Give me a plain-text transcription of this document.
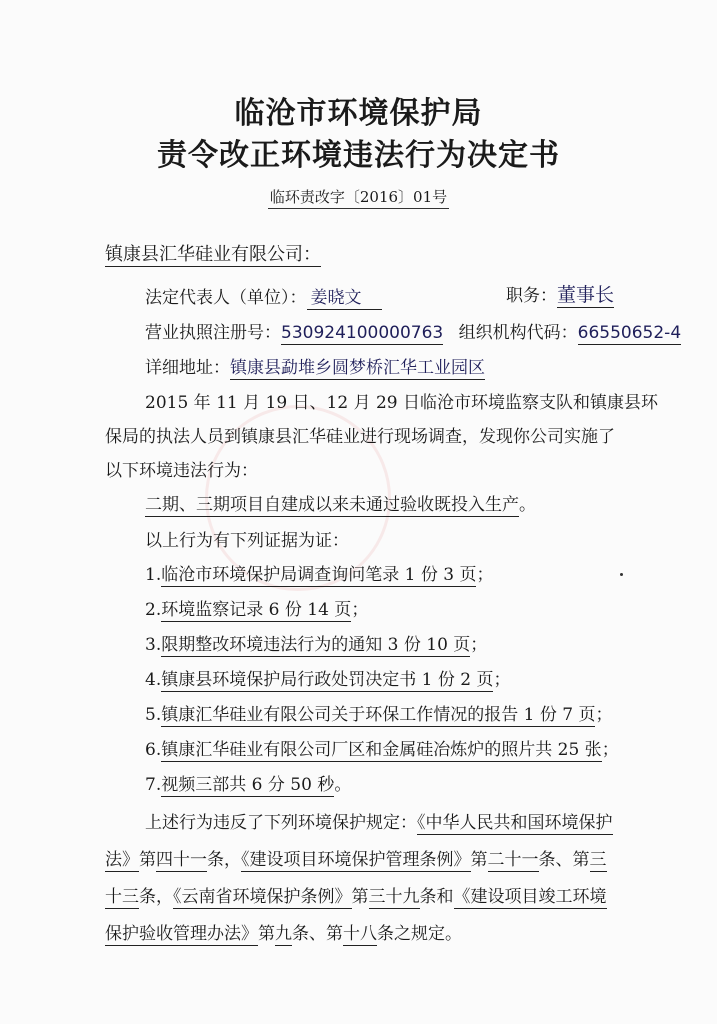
临沧市环境保护局
责令改正环境违法行为决定书
临环责改字〔2016〕01号
镇康县汇华硅业有限公司：
法定代表人（单位）： 姜晓文	职务：董事长
营业执照注册号：530924100000763 组织机构代码：66550652-4
详细地址：镇康县勐堆乡圆梦桥汇华工业园区
2015 年 11 月 19 日、12 月 29 日临沧市环境监察支队和镇康县环
保局的执法人员到镇康县汇华硅业进行现场调查，发现你公司实施了
以下环境违法行为：
二期、三期项目自建成以来未通过验收既投入生产。
以上行为有下列证据为证：
1.临沧市环境保护局调查询问笔录 1 份 3 页；
2.环境监察记录 6 份 14 页；
3.限期整改环境违法行为的通知 3 份 10 页；
4.镇康县环境保护局行政处罚决定书 1 份 2 页；
5.镇康汇华硅业有限公司关于环保工作情况的报告 1 份 7 页；
6.镇康汇华硅业有限公司厂区和金属硅冶炼炉的照片共 25 张；
7.视频三部共 6 分 50 秒。
上述行为违反了下列环境保护规定：《中华人民共和国环境保护
法》第四十一条，《建设项目环境保护管理条例》第二十一条、第三
十三条，《云南省环境保护条例》第三十九条和《建设项目竣工环境
保护验收管理办法》第九条、第十八条之规定。
